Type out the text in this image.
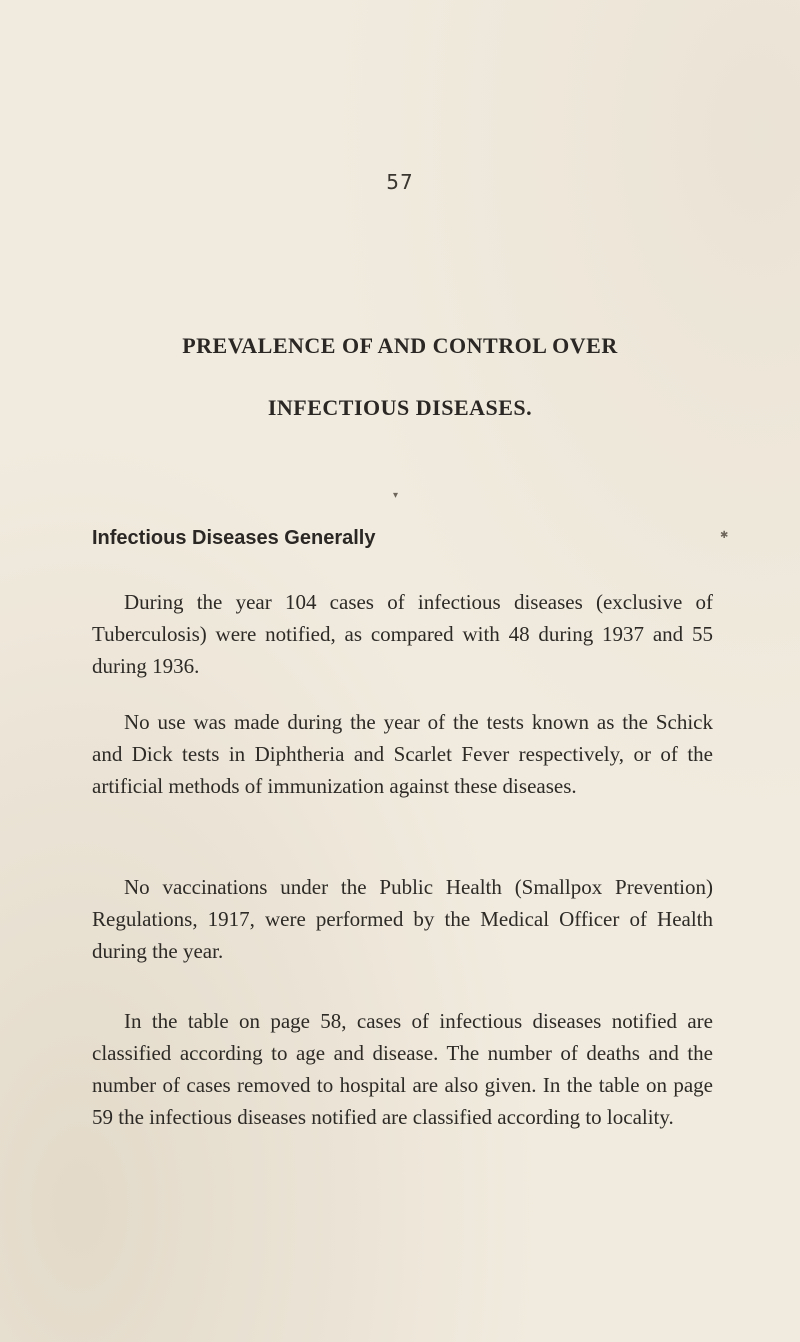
57
PREVALENCE OF AND CONTROL OVER
INFECTIOUS DISEASES.
▾
✱
Infectious Diseases Generally
During the year 104 cases of infectious diseases (exclusive of Tuberculosis) were notified, as compared with 48 during 1937 and 55 during 1936.
No use was made during the year of the tests known as the Schick and Dick tests in Diphtheria and Scarlet Fever respectively, or of the artificial methods of immunization against these diseases.
No vaccinations under the Public Health (Smallpox Prevention) Regulations, 1917, were performed by the Medical Officer of Health during the year.
In the table on page 58, cases of infectious diseases notified are classified according to age and disease. The number of deaths and the number of cases removed to hospital are also given. In the table on page 59 the infectious diseases notified are classified according to locality.
